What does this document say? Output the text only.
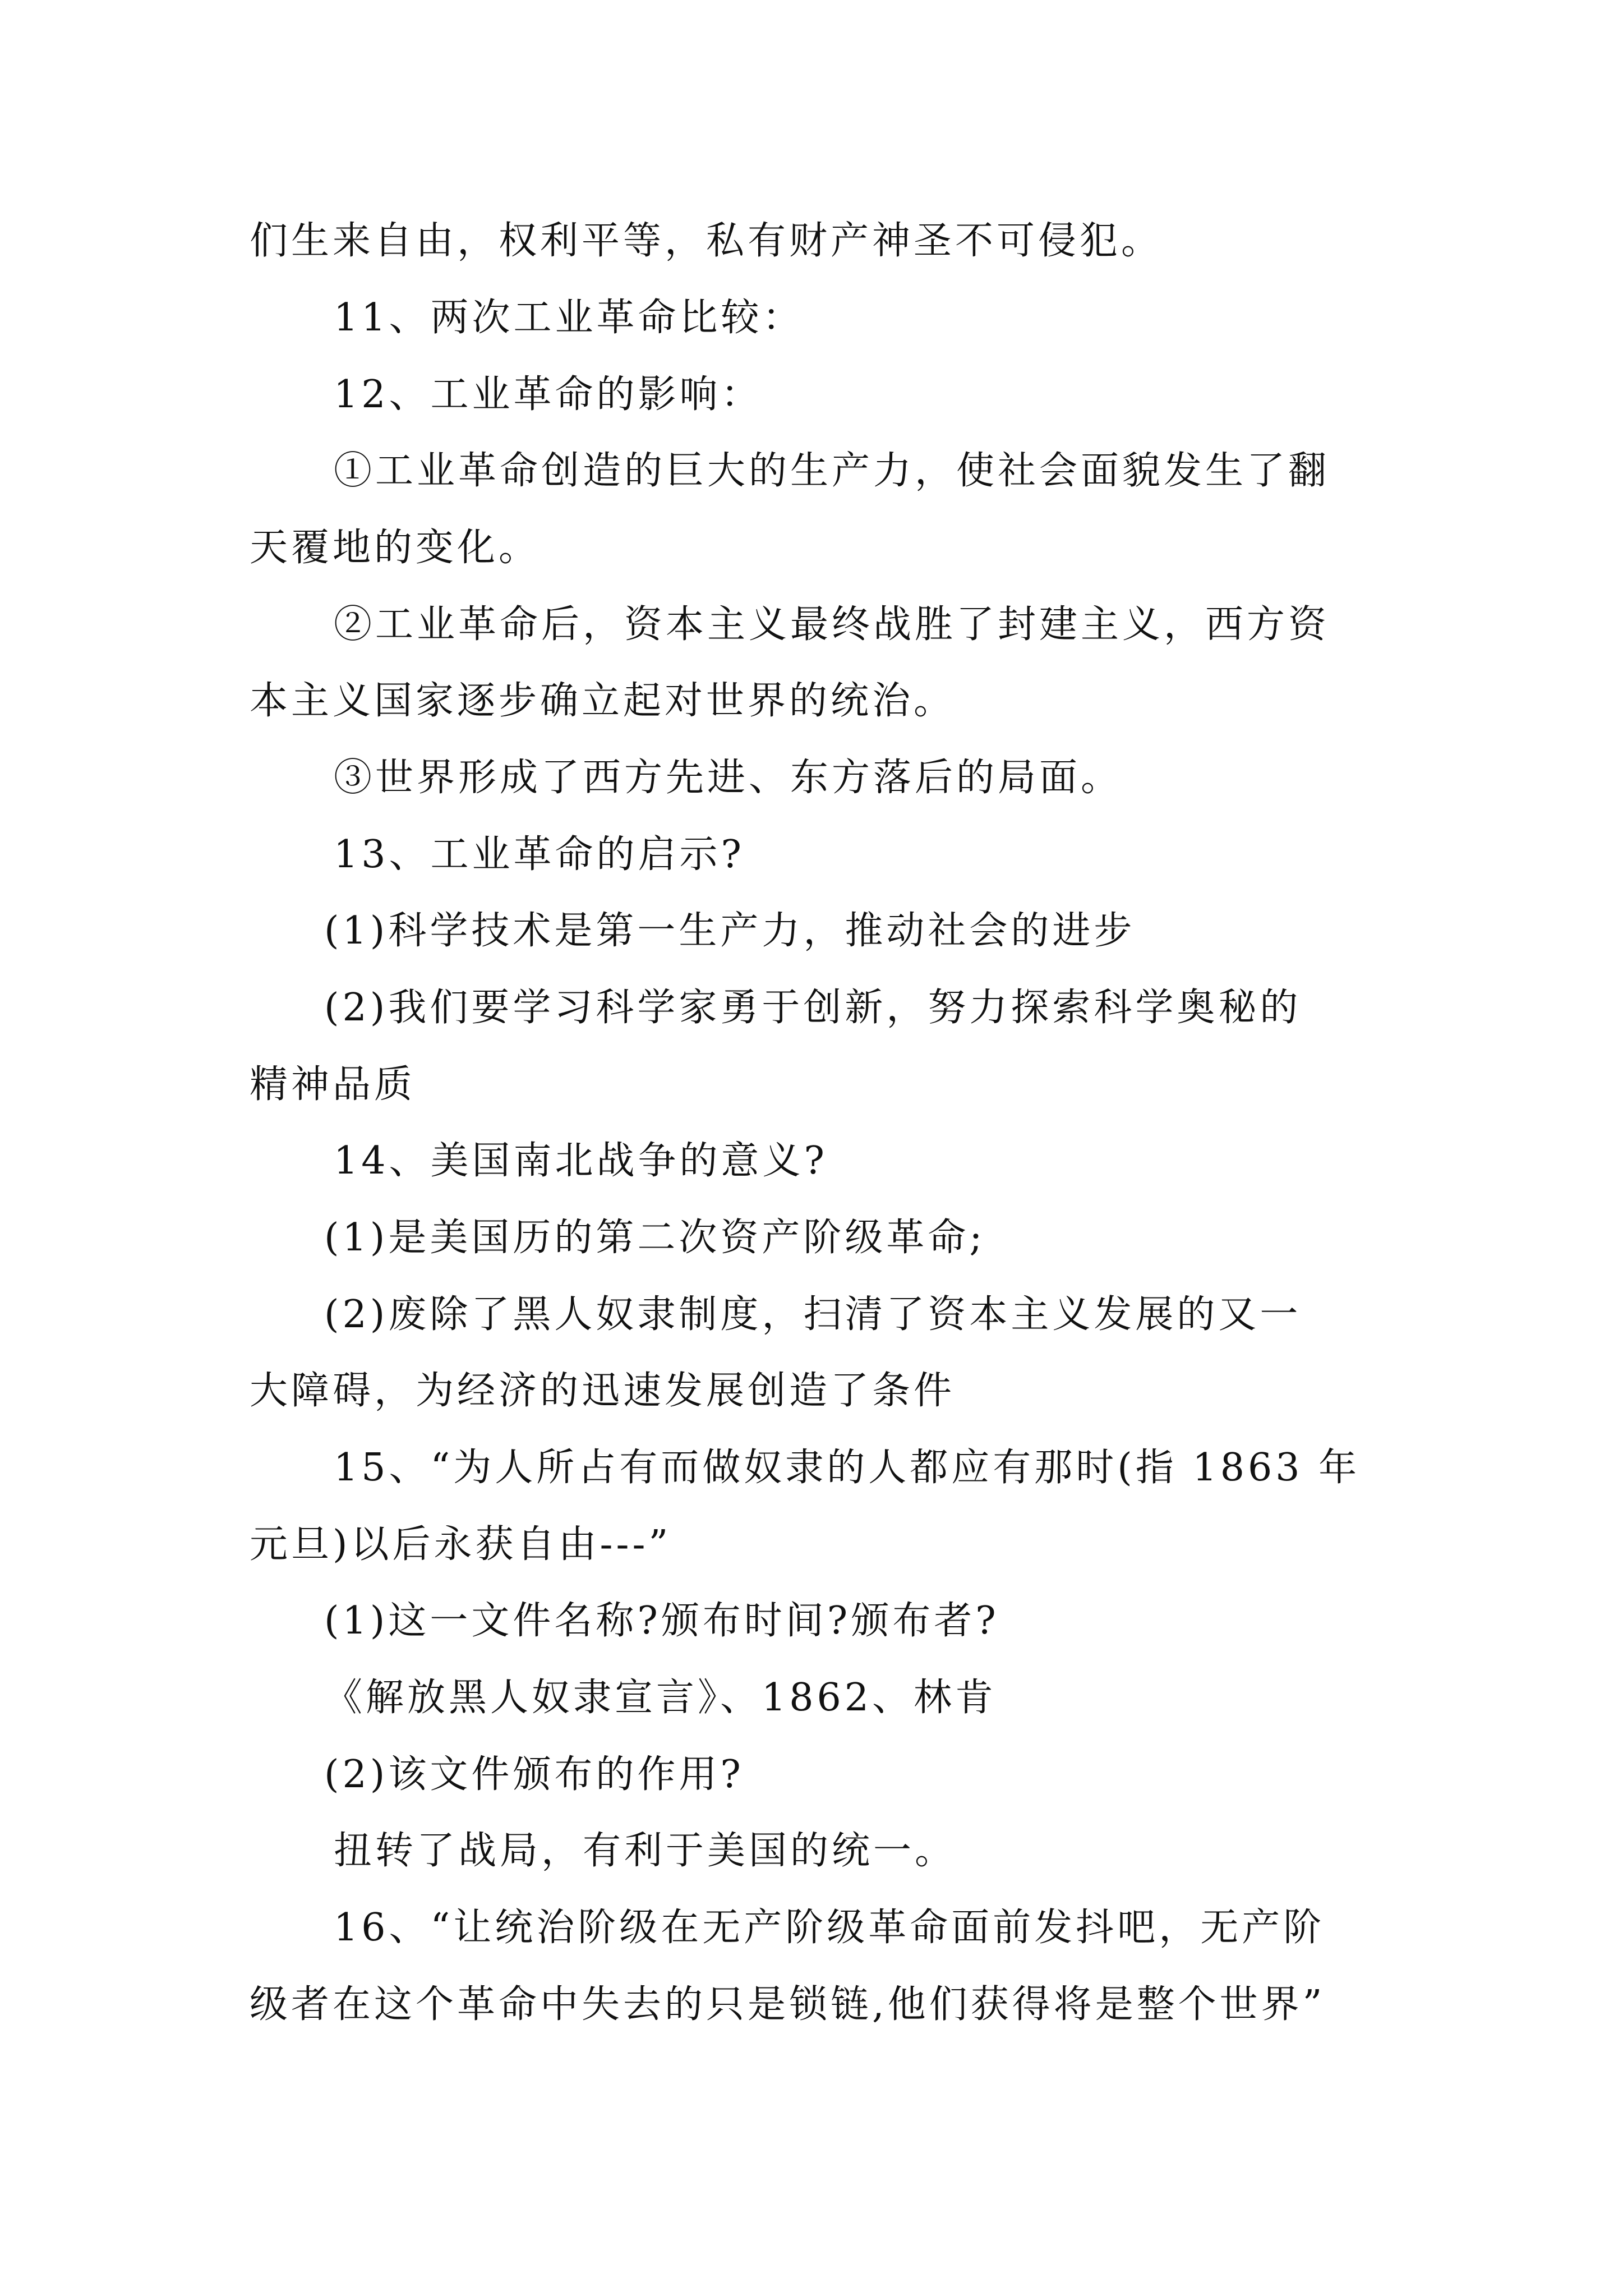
们生来自由，权利平等，私有财产神圣不可侵犯。
11、两次工业革命比较：
12、工业革命的影响：
①工业革命创造的巨大的生产力，使社会面貌发生了翻
天覆地的变化。
②工业革命后，资本主义最终战胜了封建主义，西方资
本主义国家逐步确立起对世界的统治。
③世界形成了西方先进、东方落后的局面。
13、工业革命的启示?
(1)科学技术是第一生产力，推动社会的进步
(2)我们要学习科学家勇于创新，努力探索科学奥秘的
精神品质
14、美国南北战争的意义?
(1)是美国历的第二次资产阶级革命;
(2)废除了黑人奴隶制度，扫清了资本主义发展的又一
大障碍，为经济的迅速发展创造了条件
15、“为人所占有而做奴隶的人都应有那时(指 1863 年
元旦)以后永获自由---”
(1)这一文件名称?颁布时间?颁布者?
《解放黑人奴隶宣言》、1862、林肯
(2)该文件颁布的作用?
扭转了战局，有利于美国的统一。
16、“让统治阶级在无产阶级革命面前发抖吧，无产阶
级者在这个革命中失去的只是锁链,他们获得将是整个世界”
